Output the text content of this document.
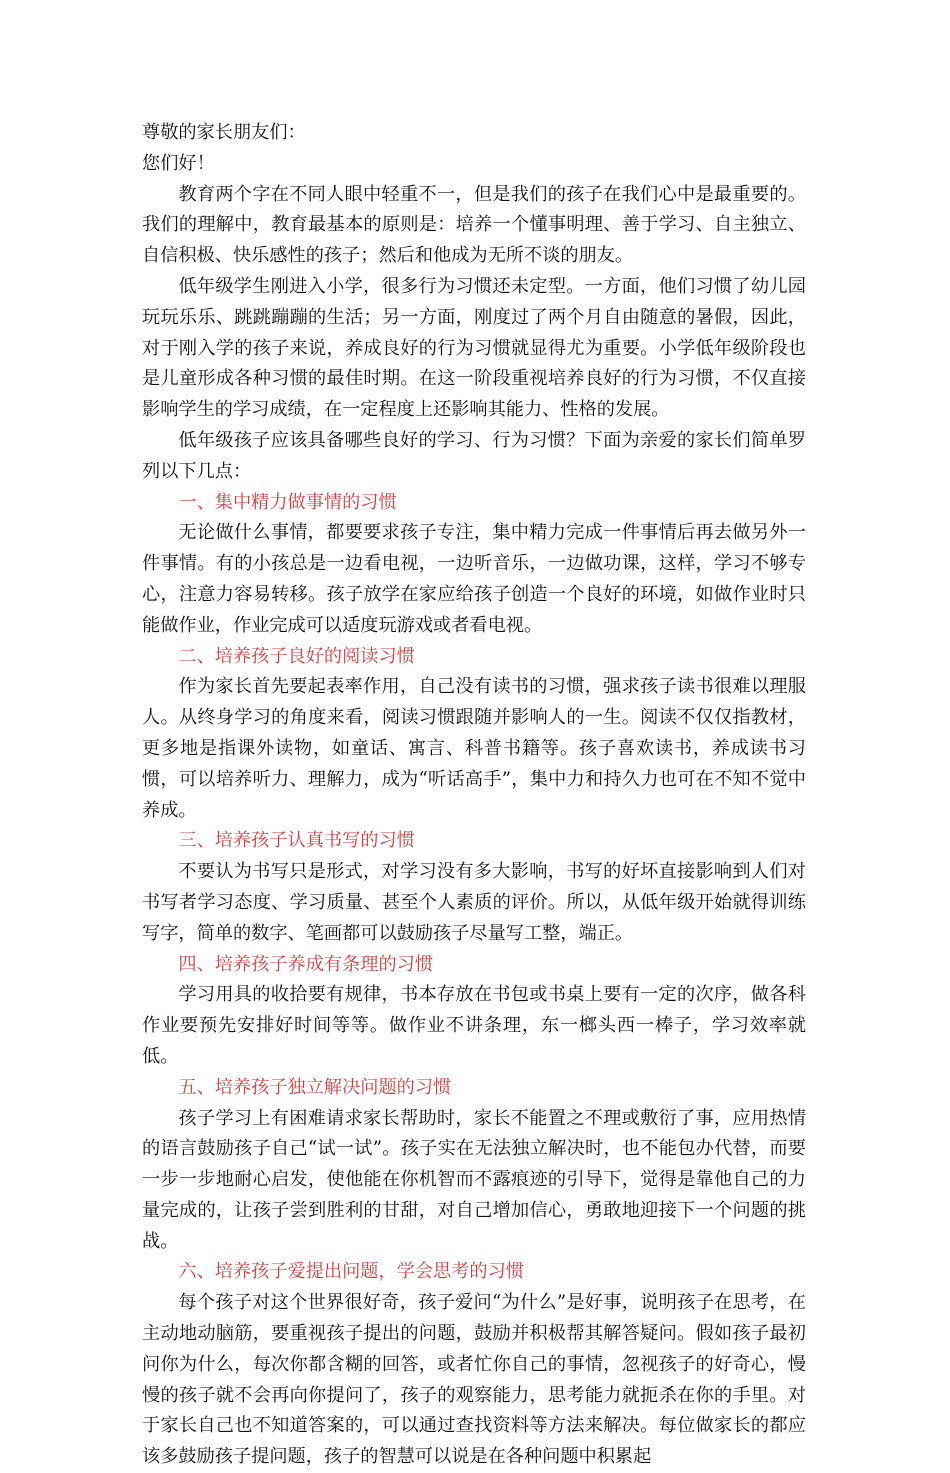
尊敬的家长朋友们：

您们好！

教育两个字在不同人眼中轻重不一，但是我们的孩子在我们心中是最重要的。我们的理解中，教育最基本的原则是：培养一个懂事明理、善于学习、自主独立、自信积极、快乐感性的孩子；然后和他成为无所不谈的朋友。

低年级学生刚进入小学，很多行为习惯还未定型。一方面，他们习惯了幼儿园玩玩乐乐、跳跳蹦蹦的生活；另一方面，刚度过了两个月自由随意的暑假，因此，对于刚入学的孩子来说，养成良好的行为习惯就显得尤为重要。小学低年级阶段也是儿童形成各种习惯的最佳时期。在这一阶段重视培养良好的行为习惯，不仅直接影响学生的学习成绩，在一定程度上还影响其能力、性格的发展。

低年级孩子应该具备哪些良好的学习、行为习惯？下面为亲爱的家长们简单罗列以下几点：

一、集中精力做事情的习惯

无论做什么事情，都要要求孩子专注，集中精力完成一件事情后再去做另外一件事情。有的小孩总是一边看电视，一边听音乐，一边做功课，这样，学习不够专心，注意力容易转移。孩子放学在家应给孩子创造一个良好的环境，如做作业时只能做作业，作业完成可以适度玩游戏或者看电视。

二、培养孩子良好的阅读习惯

作为家长首先要起表率作用，自己没有读书的习惯，强求孩子读书很难以理服人。从终身学习的角度来看，阅读习惯跟随并影响人的一生。阅读不仅仅指教材，更多地是指课外读物，如童话、寓言、科普书籍等。孩子喜欢读书，养成读书习惯，可以培养听力、理解力，成为“听话高手”，集中力和持久力也可在不知不觉中养成。

三、培养孩子认真书写的习惯

不要认为书写只是形式，对学习没有多大影响，书写的好坏直接影响到人们对书写者学习态度、学习质量、甚至个人素质的评价。所以，从低年级开始就得训练写字，简单的数字、笔画都可以鼓励孩子尽量写工整，端正。

四、培养孩子养成有条理的习惯

学习用具的收拾要有规律，书本存放在书包或书桌上要有一定的次序，做各科作业要预先安排好时间等等。做作业不讲条理，东一榔头西一棒子，学习效率就低。

五、培养孩子独立解决问题的习惯

孩子学习上有困难请求家长帮助时，家长不能置之不理或敷衍了事，应用热情的语言鼓励孩子自己“试一试”。孩子实在无法独立解决时，也不能包办代替，而要一步一步地耐心启发，使他能在你机智而不露痕迹的引导下，觉得是靠他自己的力量完成的，让孩子尝到胜利的甘甜，对自己增加信心，勇敢地迎接下一个问题的挑战。

六、培养孩子爱提出问题，学会思考的习惯

每个孩子对这个世界很好奇，孩子爱问“为什么”是好事，说明孩子在思考，在主动地动脑筋，要重视孩子提出的问题，鼓励并积极帮其解答疑问。假如孩子最初问你为什么，每次你都含糊的回答，或者忙你自己的事情，忽视孩子的好奇心，慢慢的孩子就不会再向你提问了，孩子的观察能力，思考能力就扼杀在你的手里。对于家长自己也不知道答案的，可以通过查找资料等方法来解决。每位做家长的都应该多鼓励孩子提问题，孩子的智慧可以说是在各种问题中积累起
